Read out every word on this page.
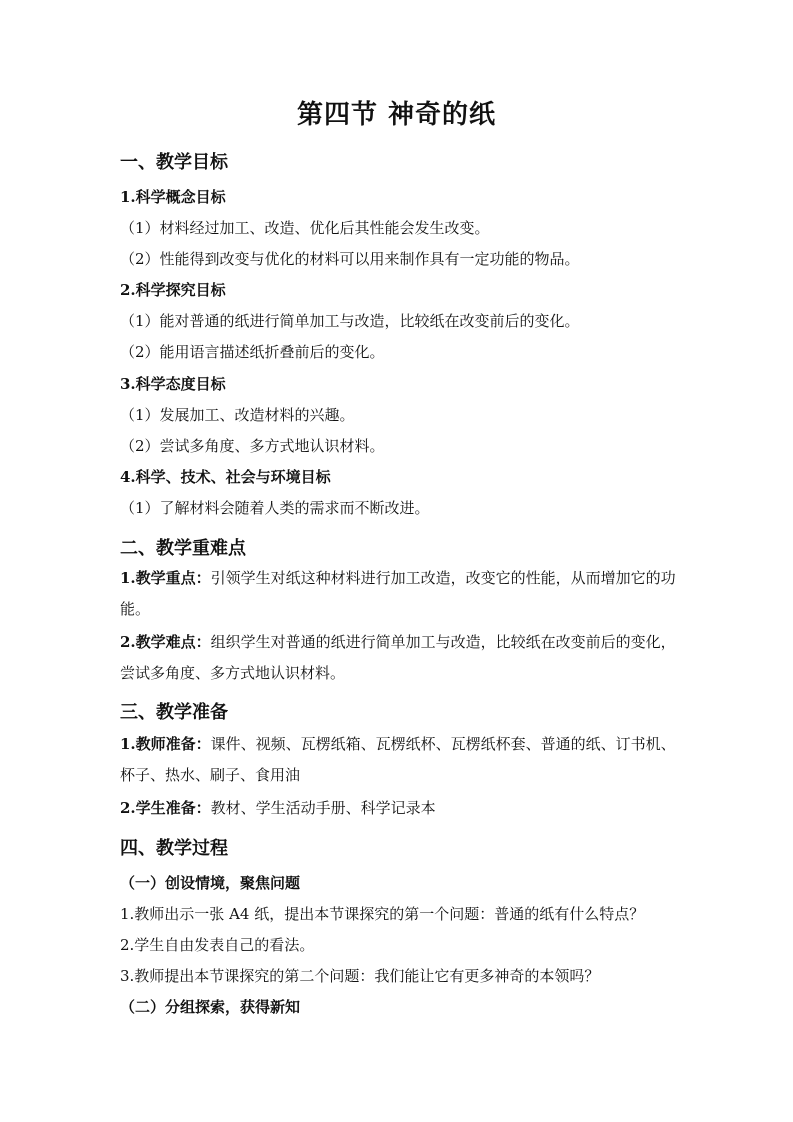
第四节 神奇的纸
一、教学目标
1.科学概念目标
（1）材料经过加工、改造、优化后其性能会发生改变。
（2）性能得到改变与优化的材料可以用来制作具有一定功能的物品。
2.科学探究目标
（1）能对普通的纸进行简单加工与改造，比较纸在改变前后的变化。
（2）能用语言描述纸折叠前后的变化。
3.科学态度目标
（1）发展加工、改造材料的兴趣。
（2）尝试多角度、多方式地认识材料。
4.科学、技术、社会与环境目标
（1）了解材料会随着人类的需求而不断改进。
二、教学重难点
1.教学重点：引领学生对纸这种材料进行加工改造，改变它的性能，从而增加它的功能。
2.教学难点：组织学生对普通的纸进行简单加工与改造，比较纸在改变前后的变化，尝试多角度、多方式地认识材料。
三、教学准备
1.教师准备：课件、视频、瓦楞纸箱、瓦楞纸杯、瓦楞纸杯套、普通的纸、订书机、杯子、热水、刷子、食用油
2.学生准备：教材、学生活动手册、科学记录本
四、教学过程
（一）创设情境，聚焦问题
1.教师出示一张 A4 纸，提出本节课探究的第一个问题：普通的纸有什么特点？
2.学生自由发表自己的看法。
3.教师提出本节课探究的第二个问题：我们能让它有更多神奇的本领吗？
（二）分组探索，获得新知
